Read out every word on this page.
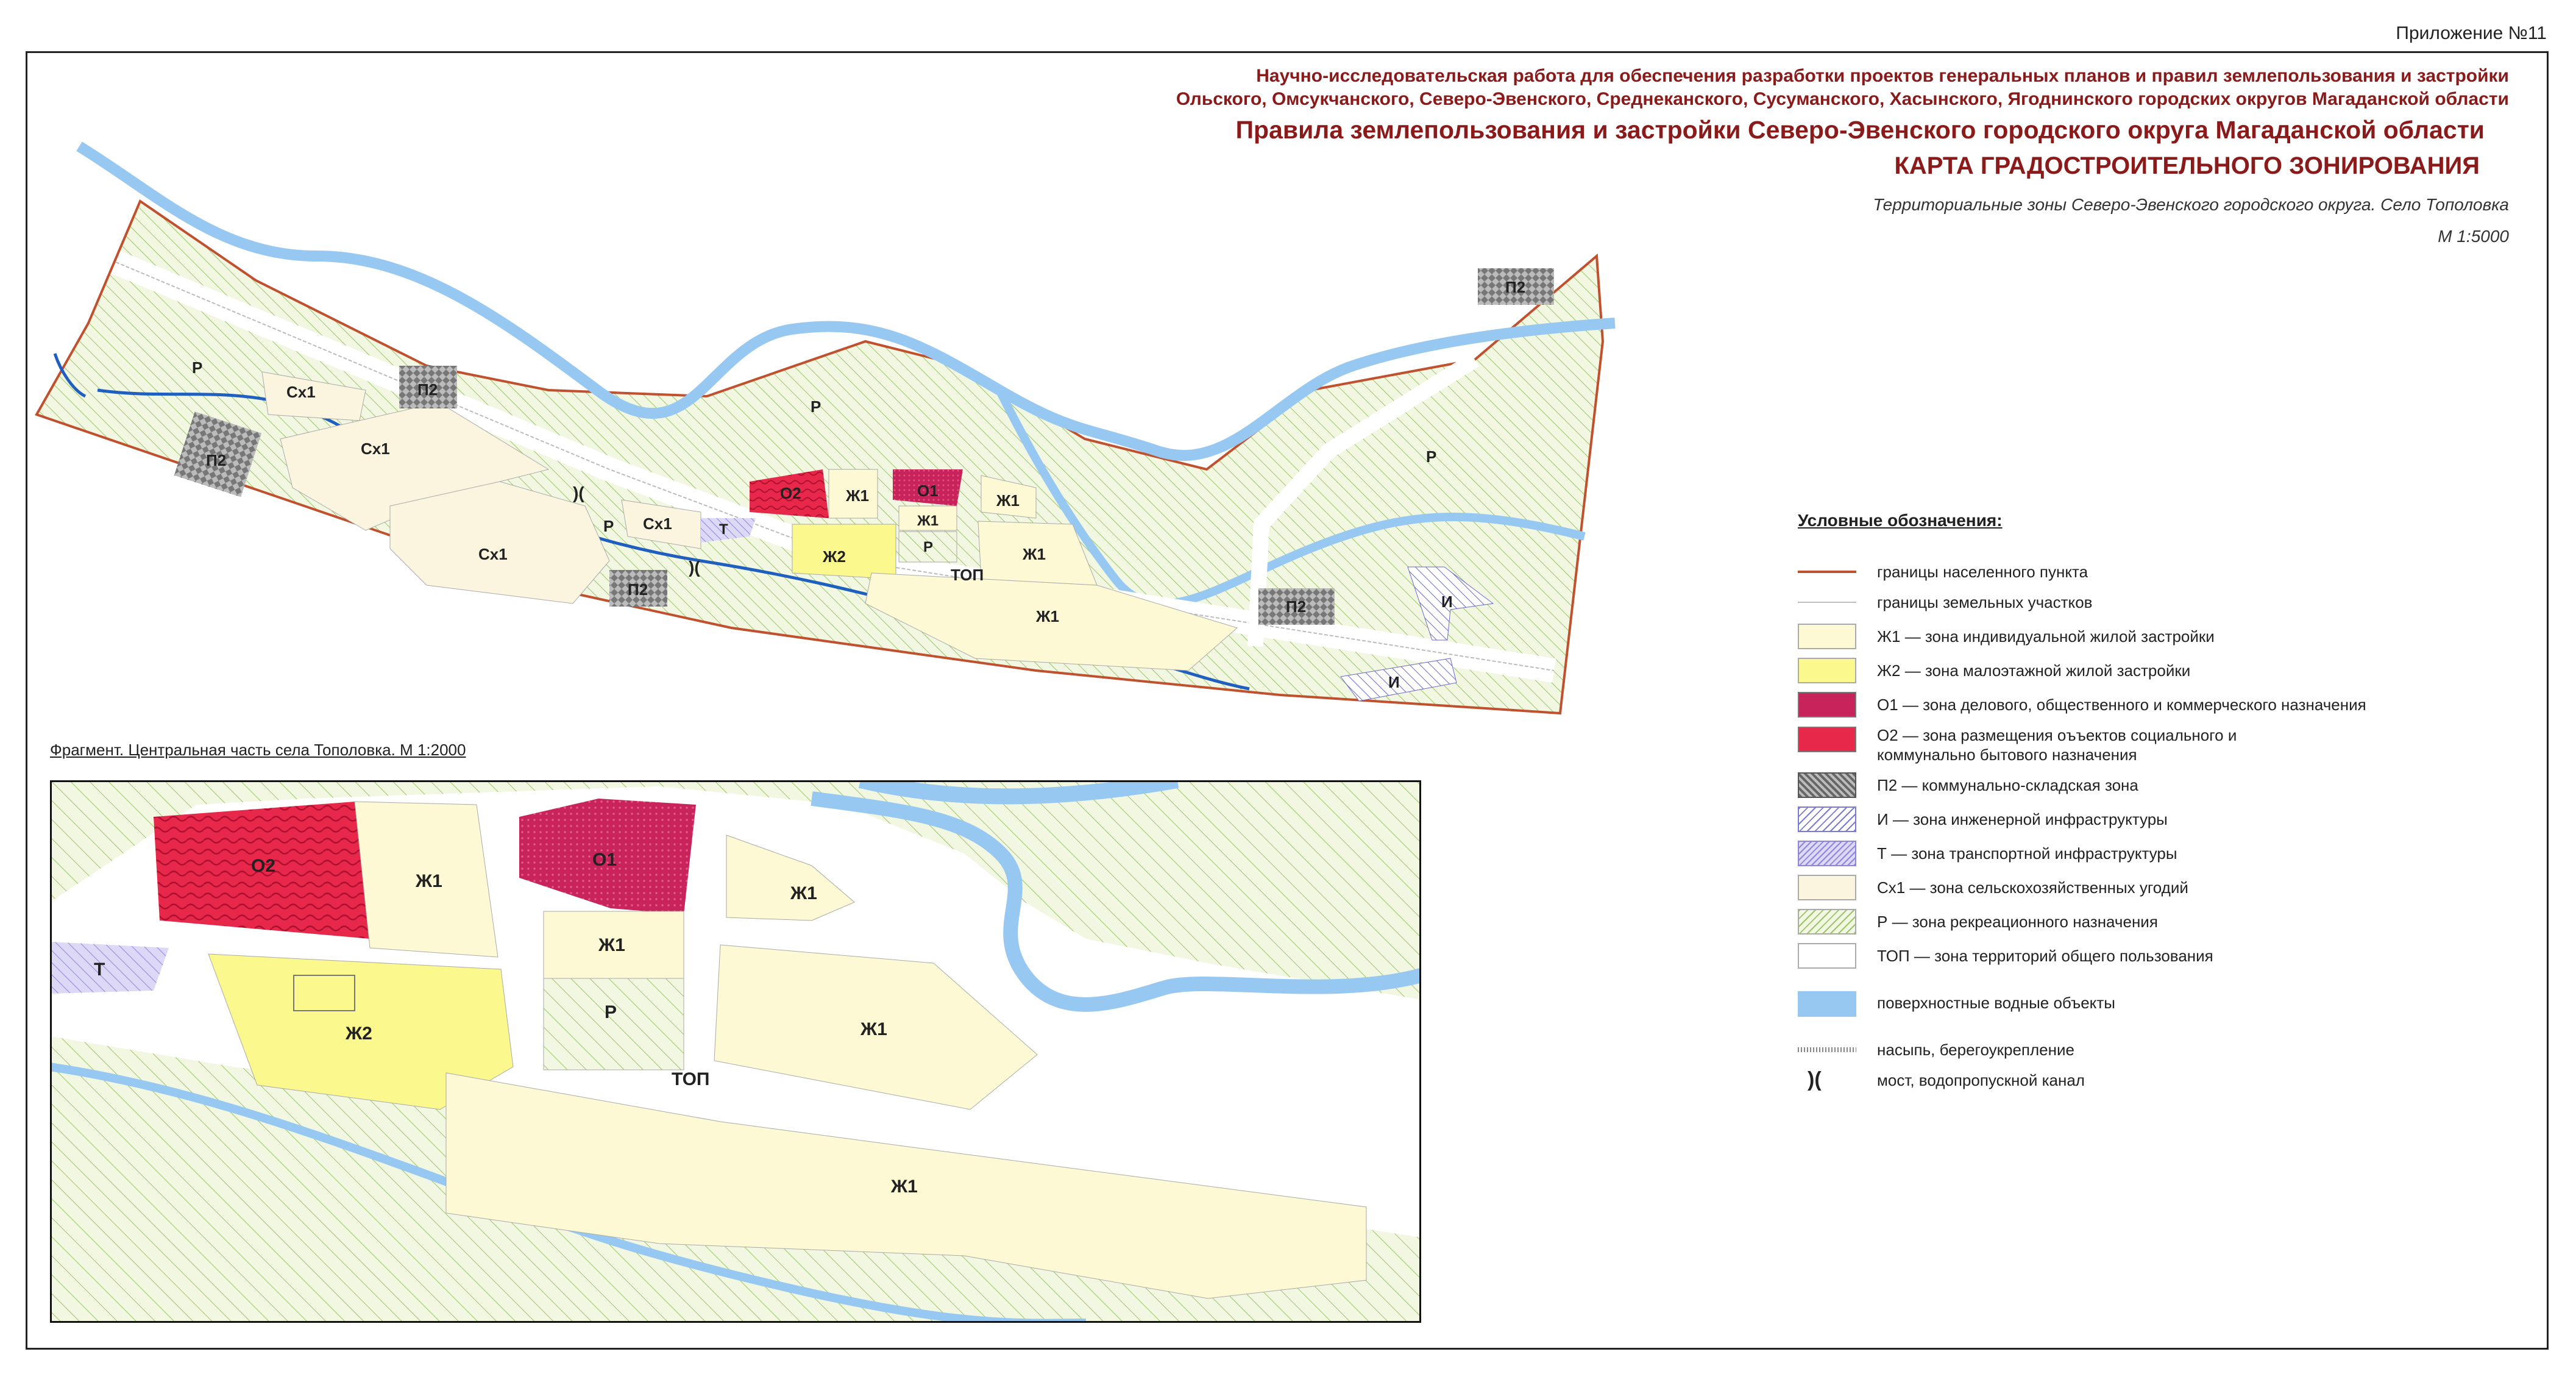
Приложение №11

Научно-исследовательская работа для обеспечения разработки проектов генеральных планов и правил землепользования и застройки

Ольского, Омсукчанского, Северо-Эвенского, Среднеканского, Сусуманского, Хасынского, Ягоднинского городских округов Магаданской области

Правила землепользования и застройки Северо-Эвенского городского округа Магаданской области

КАРТА ГРАДОСТРОИТЕЛЬНОГО ЗОНИРОВАНИЯ

Территориальные зоны Северо-Эвенского городского округа. Село Тополовка

М 1:5000

)(
)(
Р
Сх1
Сх1
Сх1
Сх1
П2
П2
П2
П2
П2
Р
Р
Р
Р
О2	Ж1	О1
Ж1
Ж1
Ж1
Ж2
Ж1
Т
ТОП
И
И
Фрагмент. Центральная часть села Тополовка. М 1:2000
О2
Ж1
О1
Ж1
Ж1
Т
Ж2
Р
Ж1
ТОП
Ж1
Условные обозначения:
границы населенного пункта
границы земельных участков
Ж1 — зона индивидуальной жилой застройки
Ж2 — зона малоэтажной жилой застройки
О1 — зона делового, общественного и коммерческого назначения
О2 — зона размещения оъъектов социального и
коммунально бытового назначения
П2 — коммунально-складская зона
И — зона инженерной инфраструктуры
Т — зона транспортной инфраструктуры
Сх1 — зона сельскохозяйственных угодий
Р — зона рекреационного назначения
ТОП — зона территорий общего пользования
поверхностные водные объекты
насыпь, берегоукрепление
)(	мост, водопропускной канал
